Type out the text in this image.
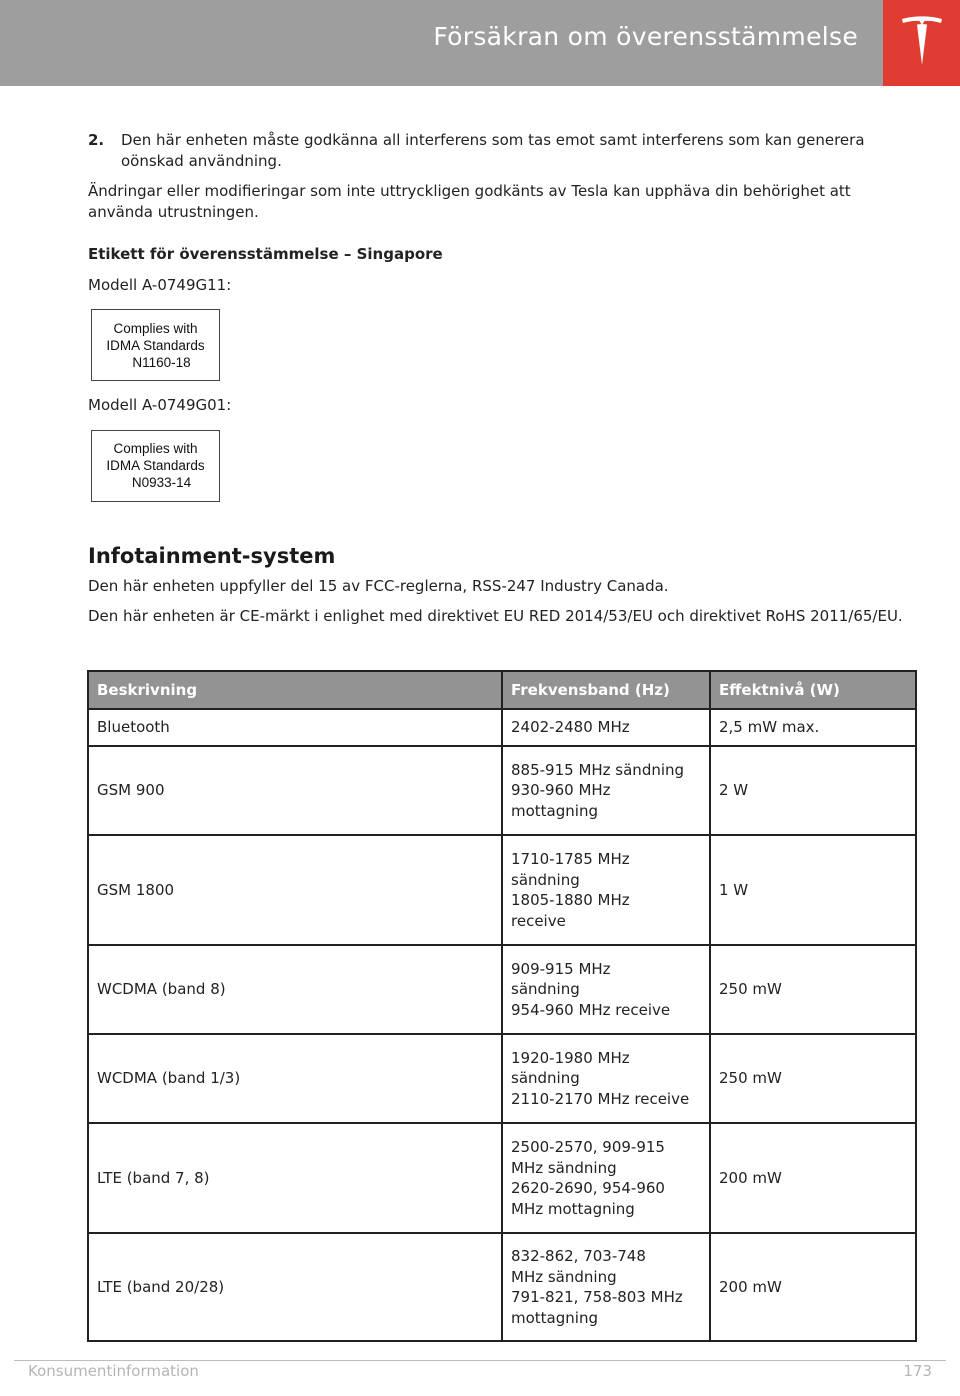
Försäkran om överensstämmelse
2.	Den här enheten måste godkänna all interferens som tas emot samt interferens som kan generera oönskad användning.

Ändringar eller modifieringar som inte uttryckligen godkänts av Tesla kan upphäva din behörighet att använda utrustningen.

Etikett för överensstämmelse – Singapore

Modell A-0749G11:

Complies with
IDMA Standards
N1160-18

Modell A-0749G01:

Complies with
IDMA Standards
N0933-14
Infotainment-system

Den här enheten uppfyller del 15 av FCC-reglerna, RSS-247 Industry Canada.

Den här enheten är CE-märkt i enlighet med direktivet EU RED 2014/53/EU och direktivet RoHS 2011/65/EU.

Beskrivning	Frekvensband (Hz)	Effektnivå (W)
Bluetooth	2402-2480 MHz	2,5 mW max.
GSM 900	885-915 MHz sändning
930-960 MHz
mottagning	2 W
GSM 1800	1710-1785 MHz
sändning
1805-1880 MHz
receive	1 W
WCDMA (band 8)	909-915 MHz
sändning
954-960 MHz receive	250 mW
WCDMA (band 1/3)	1920-1980 MHz
sändning
2110-2170 MHz receive	250 mW
LTE (band 7, 8)	2500-2570, 909-915
MHz sändning
2620-2690, 954-960
MHz mottagning	200 mW
LTE (band 20/28)	832-862, 703-748
MHz sändning
791-821, 758-803 MHz
mottagning	200 mW
Konsumentinformation	173
